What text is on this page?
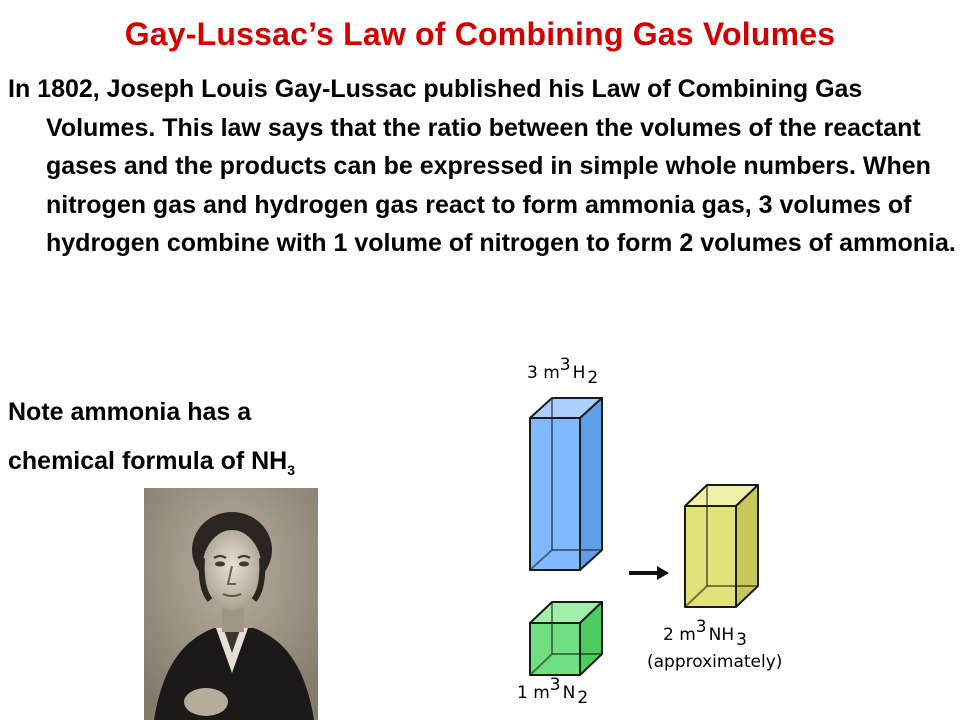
Gay-Lussac’s Law of Combining Gas Volumes

In 1802, Joseph Louis Gay-Lussac published his Law of Combining Gas Volumes. This law says that the ratio between the volumes of the reactant gases and the products can be expressed in simple whole numbers. When nitrogen gas and hydrogen gas react to form ammonia gas, 3 volumes of hydrogen combine with 1 volume of nitrogen to form 2 volumes of ammonia.

Note ammonia has a
chemical formula of $NH_3$
3 m3 H 2
1 m3 N 2
2 m3 NH 3
(approximately)
